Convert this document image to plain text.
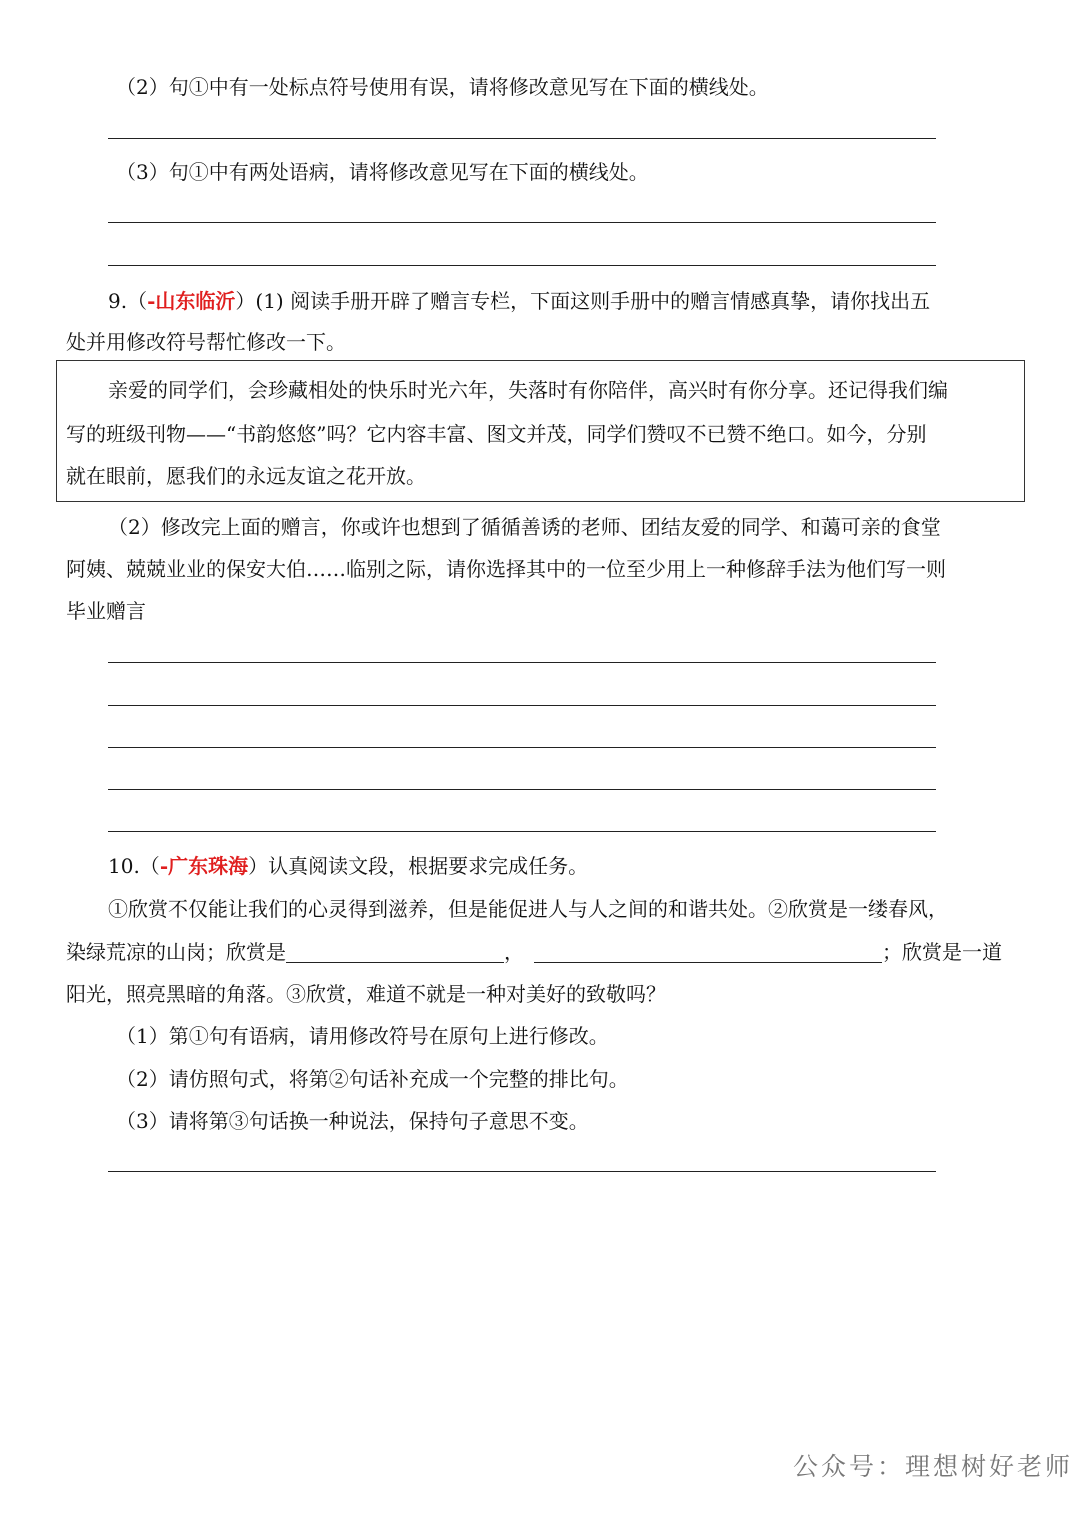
（2）句①中有一处标点符号使用有误，请将修改意见写在下面的横线处。
（3）句①中有两处语病，请将修改意见写在下面的横线处。
9.（-山东临沂）(1) 阅读手册开辟了赠言专栏，下面这则手册中的赠言情感真挚，请你找出五
处并用修改符号帮忙修改一下。
亲爱的同学们，会珍藏相处的快乐时光六年，失落时有你陪伴，高兴时有你分享。还记得我们编
写的班级刊物——“书韵悠悠”吗？它内容丰富、图文并茂，同学们赞叹不已赞不绝口。如今，分别
就在眼前，愿我们的永远友谊之花开放。
（2）修改完上面的赠言，你或许也想到了循循善诱的老师、团结友爱的同学、和蔼可亲的食堂
阿姨、兢兢业业的保安大伯……临别之际，请你选择其中的一位至少用上一种修辞手法为他们写一则
毕业赠言
10.（-广东珠海）认真阅读文段，根据要求完成任务。
①欣赏不仅能让我们的心灵得到滋养，但是能促进人与人之间的和谐共处。②欣赏是一缕春风，
染绿荒凉的山岗；欣赏是	，	；欣赏是一道
阳光，照亮黑暗的角落。③欣赏，难道不就是一种对美好的致敬吗？
（1）第①句有语病，请用修改符号在原句上进行修改。
（2）请仿照句式，将第②句话补充成一个完整的排比句。
（3）请将第③句话换一种说法，保持句子意思不变。
公众号：理想树好老师
